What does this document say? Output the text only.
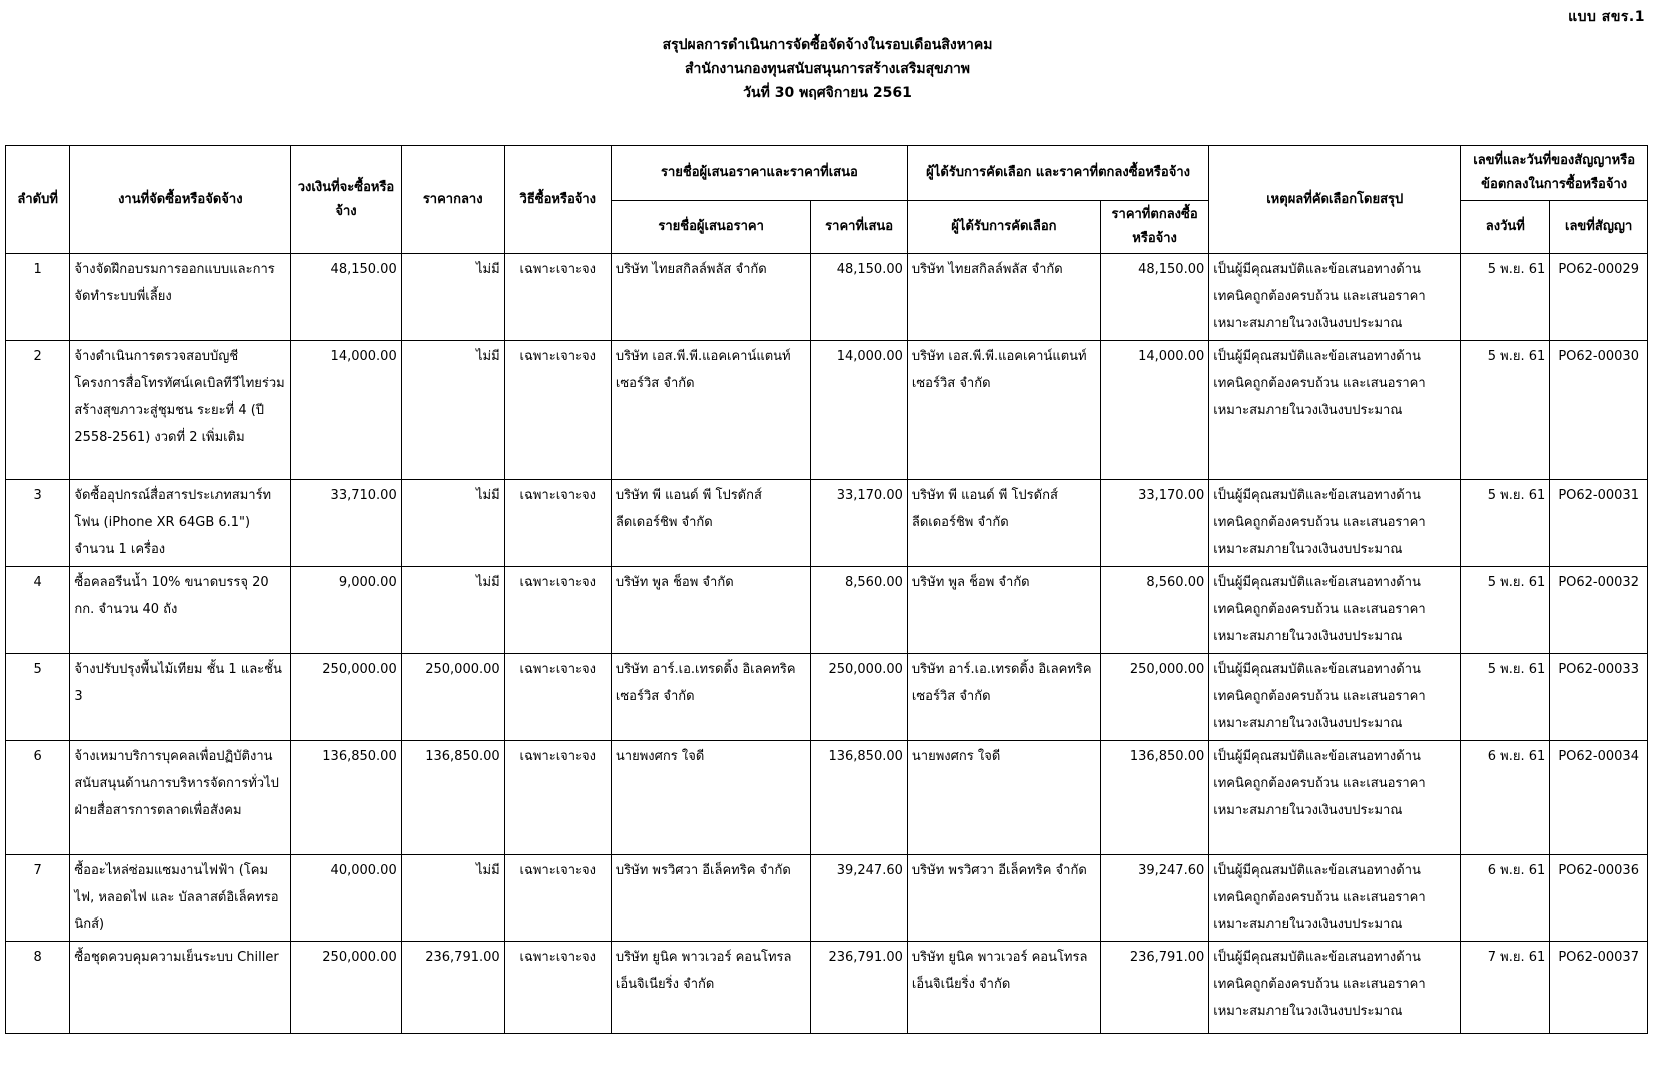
แบบ สขร.1
สรุปผลการดำเนินการจัดซื้อจัดจ้างในรอบเดือนสิงหาคม
สำนักงานกองทุนสนับสนุนการสร้างเสริมสุขภาพ
วันที่ 30 พฤศจิกายน 2561
ลำดับที่	งานที่จัดซื้อหรือจัดจ้าง	วงเงินที่จะซื้อหรือจ้าง	ราคากลาง	วิธีซื้อหรือจ้าง	รายชื่อผู้เสนอราคาและราคาที่เสนอ		ผู้ได้รับการคัดเลือก และราคาที่ตกลงซื้อหรือจ้าง		เหตุผลที่คัดเลือกโดยสรุป	เลขที่และวันที่ของสัญญาหรือข้อตกลงในการซื้อหรือจ้าง	
					รายชื่อผู้เสนอราคา	ราคาที่เสนอ	ผู้ได้รับการคัดเลือก	ราคาที่ตกลงซื้อหรือจ้าง		ลงวันที่	เลขที่สัญญา
1	จ้างจัดฝึกอบรมการออกแบบและการจัดทำระบบพี่เลี้ยง	48,150.00	ไม่มี	เฉพาะเจาะจง	บริษัท ไทยสกิลล์พลัส จำกัด	48,150.00	บริษัท ไทยสกิลล์พลัส จำกัด	48,150.00	เป็นผู้มีคุณสมบัติและข้อเสนอทางด้านเทคนิคถูกต้องครบถ้วน และเสนอราคาเหมาะสมภายในวงเงินงบประมาณ	5 พ.ย. 61	PO62-00029
2	จ้างดำเนินการตรวจสอบบัญชีโครงการสื่อโทรทัศน์เคเบิลทีวีไทยร่วมสร้างสุขภาวะสู่ชุมชน ระยะที่ 4 (ปี 2558-2561) งวดที่ 2 เพิ่มเติม	14,000.00	ไม่มี	เฉพาะเจาะจง	บริษัท เอส.พี.พี.แอคเคาน์แตนท์ เซอร์วิส จำกัด	14,000.00	บริษัท เอส.พี.พี.แอคเคาน์แตนท์ เซอร์วิส จำกัด	14,000.00	เป็นผู้มีคุณสมบัติและข้อเสนอทางด้านเทคนิคถูกต้องครบถ้วน และเสนอราคาเหมาะสมภายในวงเงินงบประมาณ	5 พ.ย. 61	PO62-00030
3	จัดซื้ออุปกรณ์สื่อสารประเภทสมาร์ทโฟน (iPhone XR 64GB 6.1") จำนวน 1 เครื่อง	33,710.00	ไม่มี	เฉพาะเจาะจง	บริษัท พี แอนด์ พี โปรดักส์ ลีดเดอร์ชิพ จำกัด	33,170.00	บริษัท พี แอนด์ พี โปรดักส์ ลีดเดอร์ชิพ จำกัด	33,170.00	เป็นผู้มีคุณสมบัติและข้อเสนอทางด้านเทคนิคถูกต้องครบถ้วน และเสนอราคาเหมาะสมภายในวงเงินงบประมาณ	5 พ.ย. 61	PO62-00031
4	ซื้อคลอรีนน้ำ 10% ขนาดบรรจุ 20 กก. จำนวน 40 ถัง	9,000.00	ไม่มี	เฉพาะเจาะจง	บริษัท พูล ช็อพ จำกัด	8,560.00	บริษัท พูล ช็อพ จำกัด	8,560.00	เป็นผู้มีคุณสมบัติและข้อเสนอทางด้านเทคนิคถูกต้องครบถ้วน และเสนอราคาเหมาะสมภายในวงเงินงบประมาณ	5 พ.ย. 61	PO62-00032
5	จ้างปรับปรุงพื้นไม้เทียม ชั้น 1 และชั้น 3	250,000.00	250,000.00	เฉพาะเจาะจง	บริษัท อาร์.เอ.เทรดดิ้ง อิเลคทริค เซอร์วิส จำกัด	250,000.00	บริษัท อาร์.เอ.เทรดดิ้ง อิเลคทริค เซอร์วิส จำกัด	250,000.00	เป็นผู้มีคุณสมบัติและข้อเสนอทางด้านเทคนิคถูกต้องครบถ้วน และเสนอราคาเหมาะสมภายในวงเงินงบประมาณ	5 พ.ย. 61	PO62-00033
6	จ้างเหมาบริการบุคคลเพื่อปฏิบัติงานสนับสนุนด้านการบริหารจัดการทั่วไป ฝ่ายสื่อสารการตลาดเพื่อสังคม	136,850.00	136,850.00	เฉพาะเจาะจง	นายพงศกร ใจดี	136,850.00	นายพงศกร ใจดี	136,850.00	เป็นผู้มีคุณสมบัติและข้อเสนอทางด้านเทคนิคถูกต้องครบถ้วน และเสนอราคาเหมาะสมภายในวงเงินงบประมาณ	6 พ.ย. 61	PO62-00034
7	ซื้ออะไหล่ซ่อมแซมงานไฟฟ้า (โคมไฟ, หลอดไฟ และ บัลลาสต์อิเล็คทรอนิกส์)	40,000.00	ไม่มี	เฉพาะเจาะจง	บริษัท พรวิศวา อีเล็คทริค จำกัด	39,247.60	บริษัท พรวิศวา อีเล็คทริค จำกัด	39,247.60	เป็นผู้มีคุณสมบัติและข้อเสนอทางด้านเทคนิคถูกต้องครบถ้วน และเสนอราคาเหมาะสมภายในวงเงินงบประมาณ	6 พ.ย. 61	PO62-00036
8	ซื้อชุดควบคุมความเย็นระบบ Chiller	250,000.00	236,791.00	เฉพาะเจาะจง	บริษัท ยูนิค พาวเวอร์ คอนโทรล เอ็นจิเนียริ่ง จำกัด	236,791.00	บริษัท ยูนิค พาวเวอร์ คอนโทรล เอ็นจิเนียริ่ง จำกัด	236,791.00	เป็นผู้มีคุณสมบัติและข้อเสนอทางด้านเทคนิคถูกต้องครบถ้วน และเสนอราคาเหมาะสมภายในวงเงินงบประมาณ	7 พ.ย. 61	PO62-00037
